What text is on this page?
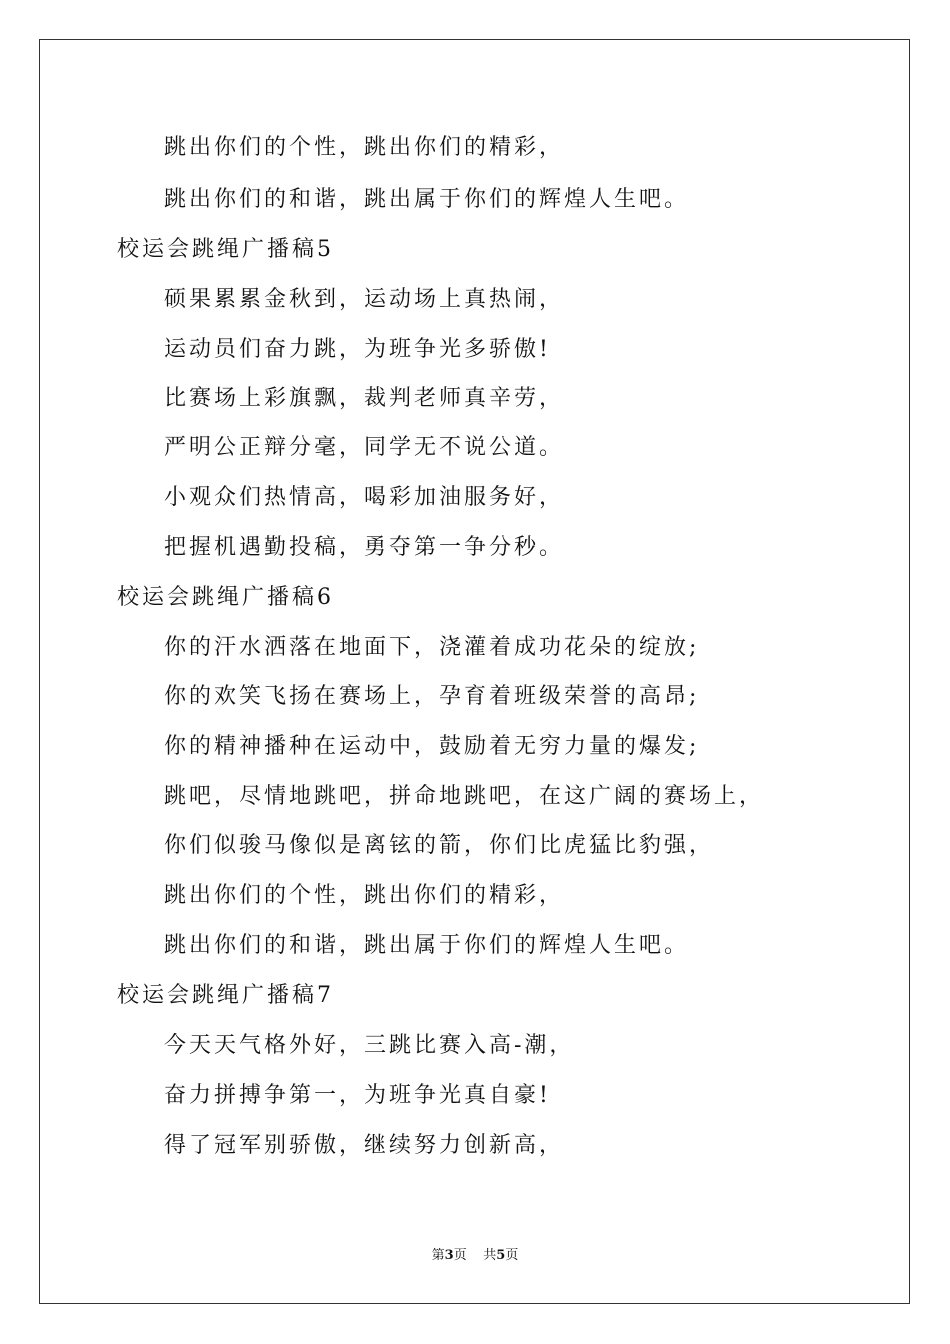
跳出你们的个性，跳出你们的精彩，
跳出你们的和谐，跳出属于你们的辉煌人生吧。
校运会跳绳广播稿5
硕果累累金秋到，运动场上真热闹，
运动员们奋力跳，为班争光多骄傲!
比赛场上彩旗飘，裁判老师真辛劳，
严明公正辩分毫，同学无不说公道。
小观众们热情高，喝彩加油服务好，
把握机遇勤投稿，勇夺第一争分秒。
校运会跳绳广播稿6
你的汗水洒落在地面下，浇灌着成功花朵的绽放;
你的欢笑飞扬在赛场上，孕育着班级荣誉的高昂;
你的精神播种在运动中，鼓励着无穷力量的爆发;
跳吧，尽情地跳吧，拼命地跳吧，在这广阔的赛场上，
你们似骏马像似是离铉的箭，你们比虎猛比豹强，
跳出你们的个性，跳出你们的精彩，
跳出你们的和谐，跳出属于你们的辉煌人生吧。
校运会跳绳广播稿7
今天天气格外好，三跳比赛入高-潮，
奋力拼搏争第一，为班争光真自豪!
得了冠军别骄傲，继续努力创新高，
第3页 共5页
